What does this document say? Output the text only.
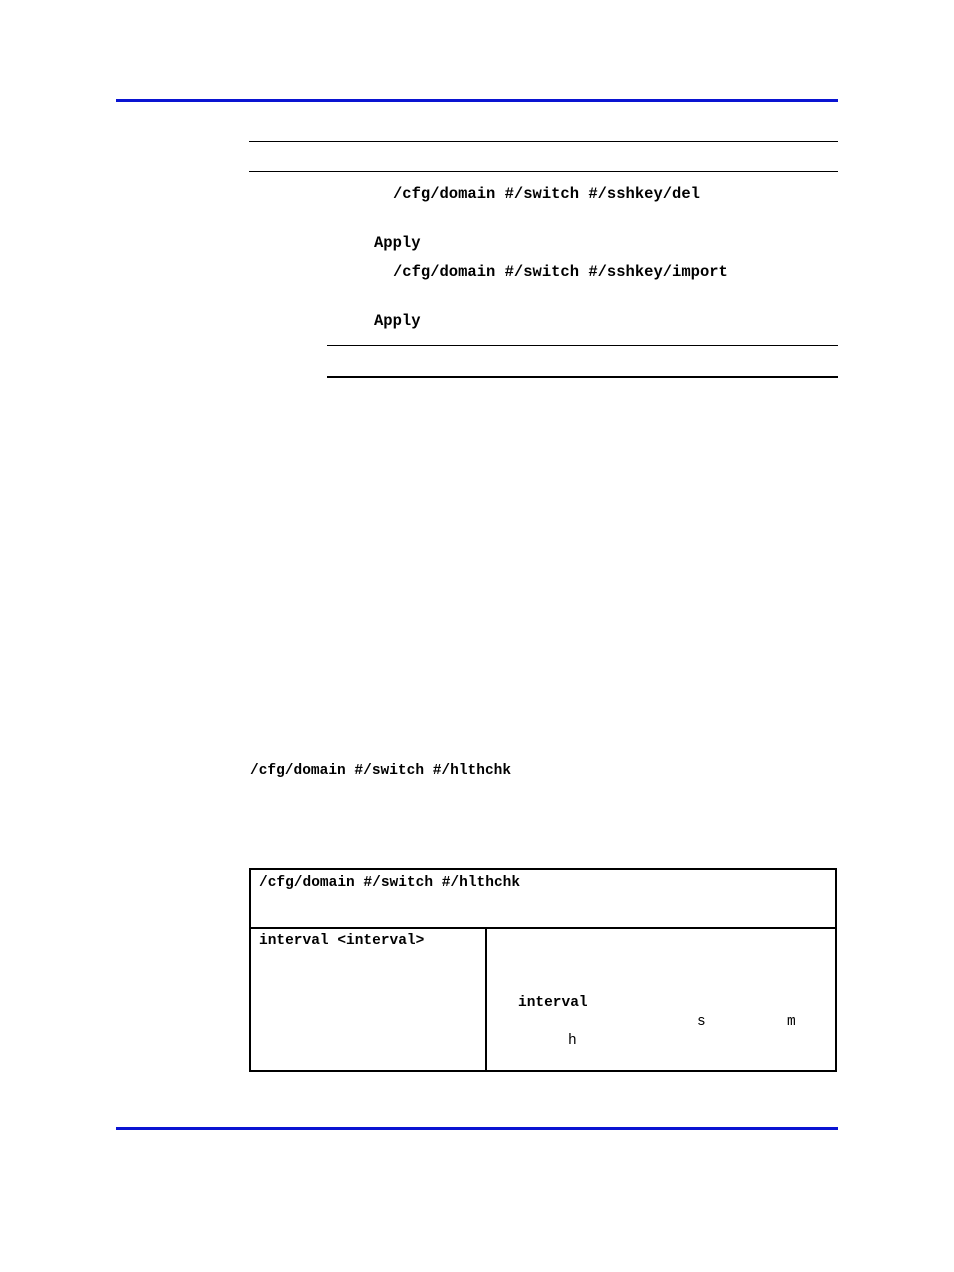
/cfg/domain #/switch #/sshkey/del
Apply
/cfg/domain #/switch #/sshkey/import
Apply
/cfg/domain #/switch #/hlthchk
/cfg/domain #/switch #/hlthchk
interval <interval>
interval
s	m
h
